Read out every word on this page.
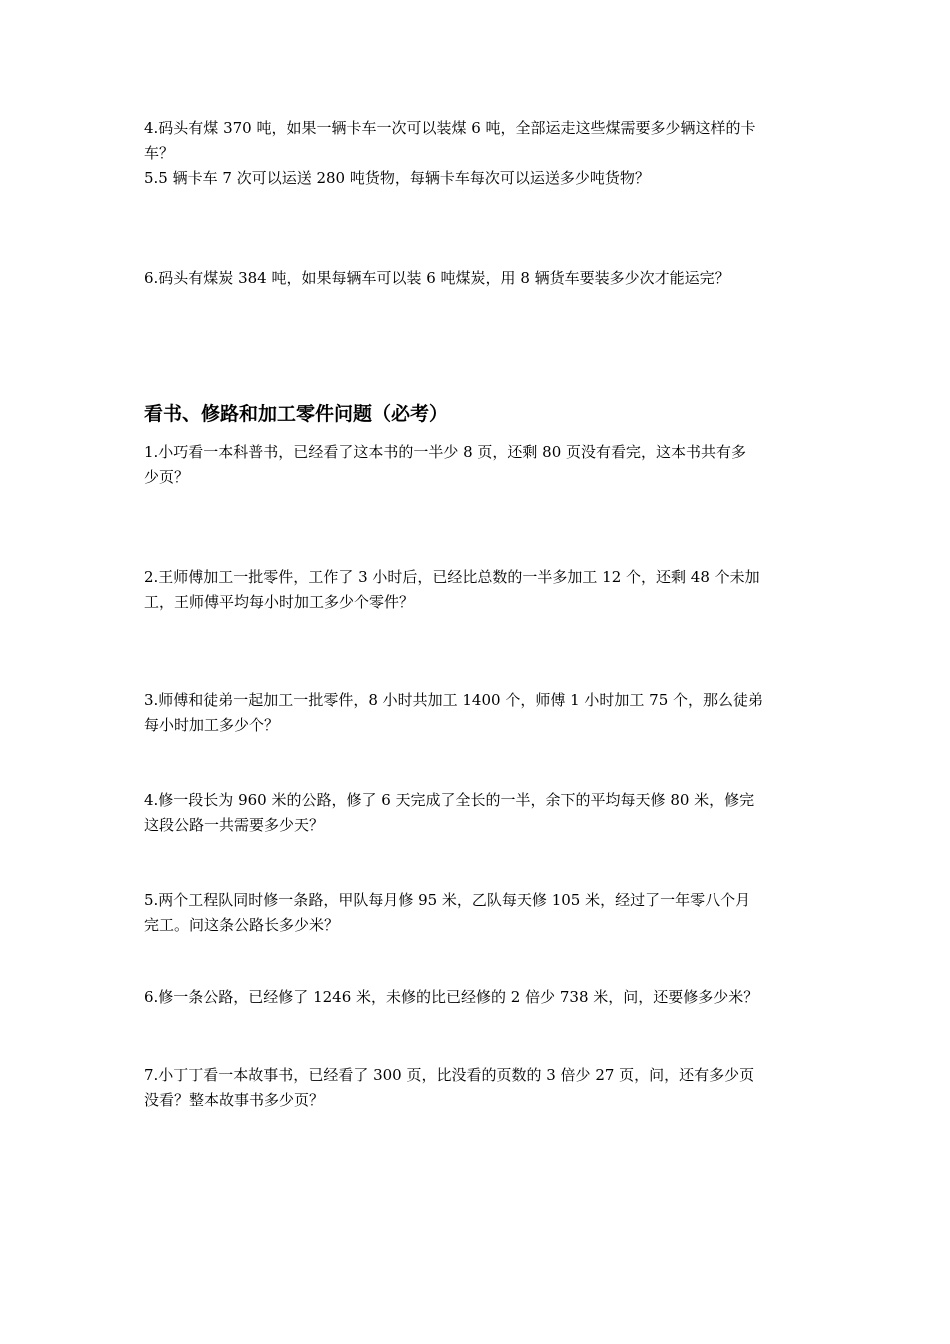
4.码头有煤 370 吨，如果一辆卡车一次可以装煤 6 吨，全部运走这些煤需要多少辆这样的卡
车？
5.5 辆卡车 7 次可以运送 280 吨货物，每辆卡车每次可以运送多少吨货物？
6.码头有煤炭 384 吨，如果每辆车可以装 6 吨煤炭，用 8 辆货车要装多少次才能运完？
看书、修路和加工零件问题（必考）
1.小巧看一本科普书，已经看了这本书的一半少 8 页，还剩 80 页没有看完，这本书共有多
少页？
2.王师傅加工一批零件，工作了 3 小时后，已经比总数的一半多加工 12 个，还剩 48 个未加
工，王师傅平均每小时加工多少个零件？
3.师傅和徒弟一起加工一批零件，8 小时共加工 1400 个，师傅 1 小时加工 75 个，那么徒弟
每小时加工多少个？
4.修一段长为 960 米的公路，修了 6 天完成了全长的一半，余下的平均每天修 80 米，修完
这段公路一共需要多少天？
5.两个工程队同时修一条路，甲队每月修 95 米，乙队每天修 105 米，经过了一年零八个月
完工。问这条公路长多少米？
6.修一条公路，已经修了 1246 米，未修的比已经修的 2 倍少 738 米，问，还要修多少米？
7.小丁丁看一本故事书，已经看了 300 页，比没看的页数的 3 倍少 27 页，问，还有多少页
没看？整本故事书多少页？
